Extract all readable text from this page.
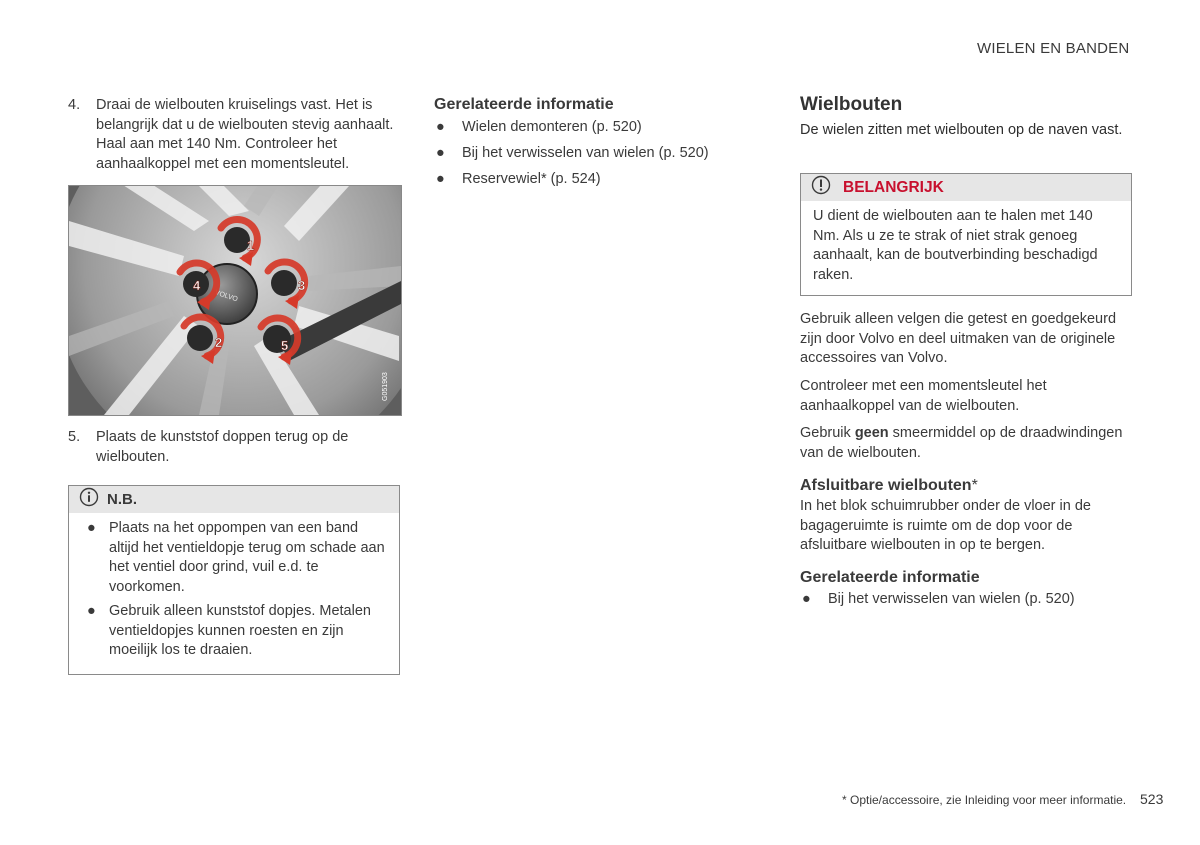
WIELEN EN BANDEN
4. Draai de wielbouten kruiselings vast. Het is belangrijk dat u de wielbouten stevig aanhaalt. Haal aan met 140 Nm. Controleer het aanhaalkoppel met een momentsleutel.
VOLVO
1
2
3
4
5
G051903
5. Plaats de kunststof doppen terug op de wielbouten.
N.B.
● Plaats na het oppompen van een band altijd het ventieldopje terug om schade aan het ventiel door grind, vuil e.d. te voorkomen.
● Gebruik alleen kunststof dopjes. Metalen ventieldopjes kunnen roesten en zijn moeilijk los te draaien.
Gerelateerde informatie
● Wielen demonteren (p. 520)
● Bij het verwisselen van wielen (p. 520)
● Reservewiel* (p. 524)
Wielbouten
De wielen zitten met wielbouten op de naven vast.
BELANGRIJK
U dient de wielbouten aan te halen met 140 Nm. Als u ze te strak of niet strak genoeg aanhaalt, kan de boutverbinding beschadigd raken.
Gebruik alleen velgen die getest en goedgekeurd zijn door Volvo en deel uitmaken van de originele accessoires van Volvo.
Controleer met een momentsleutel het aanhaalkoppel van de wielbouten.
Gebruik geen smeermiddel op de draadwindingen van de wielbouten.
Afsluitbare wielbouten*
In het blok schuimrubber onder de vloer in de bagageruimte is ruimte om de dop voor de afsluitbare wielbouten in op te bergen.
Gerelateerde informatie
● Bij het verwisselen van wielen (p. 520)
* Optie/accessoire, zie Inleiding voor meer informatie. 523
